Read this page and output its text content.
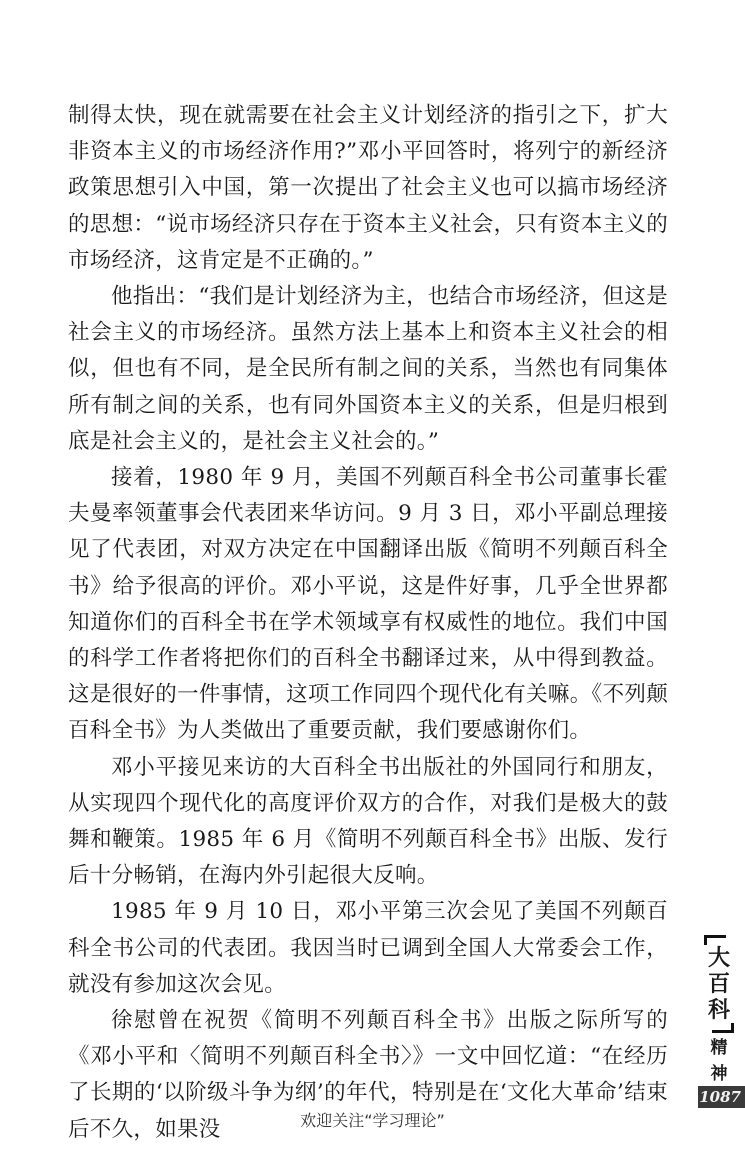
制得太快，现在就需要在社会主义计划经济的指引之下，扩大非资本主义的市场经济作用?”邓小平回答时，将列宁的新经济政策思想引入中国，第一次提出了社会主义也可以搞市场经济的思想：“说市场经济只存在于资本主义社会，只有资本主义的市场经济，这肯定是不正确的。”

他指出：“我们是计划经济为主，也结合市场经济，但这是社会主义的市场经济。虽然方法上基本上和资本主义社会的相似，但也有不同，是全民所有制之间的关系，当然也有同集体所有制之间的关系，也有同外国资本主义的关系，但是归根到底是社会主义的，是社会主义社会的。”

接着，1980 年 9 月，美国不列颠百科全书公司董事长霍夫曼率领董事会代表团来华访问。9 月 3 日，邓小平副总理接见了代表团，对双方决定在中国翻译出版《简明不列颠百科全书》给予很高的评价。邓小平说，这是件好事，几乎全世界都知道你们的百科全书在学术领域享有权威性的地位。我们中国的科学工作者将把你们的百科全书翻译过来，从中得到教益。这是很好的一件事情，这项工作同四个现代化有关嘛。《不列颠百科全书》为人类做出了重要贡献，我们要感谢你们。

邓小平接见来访的大百科全书出版社的外国同行和朋友，从实现四个现代化的高度评价双方的合作，对我们是极大的鼓舞和鞭策。1985 年 6 月《简明不列颠百科全书》出版、发行后十分畅销，在海内外引起很大反响。

1985 年 9 月 10 日，邓小平第三次会见了美国不列颠百科全书公司的代表团。我因当时已调到全国人大常委会工作，就没有参加这次会见。

徐慰曾在祝贺《简明不列颠百科全书》出版之际所写的《邓小平和〈简明不列颠百科全书〉》一文中回忆道：“在经历了长期的‘以阶级斗争为纲’的年代，特别是在‘文化大革命’结束后不久，如果没

大
百
科
精
神
1087
欢迎关注“学习理论”
